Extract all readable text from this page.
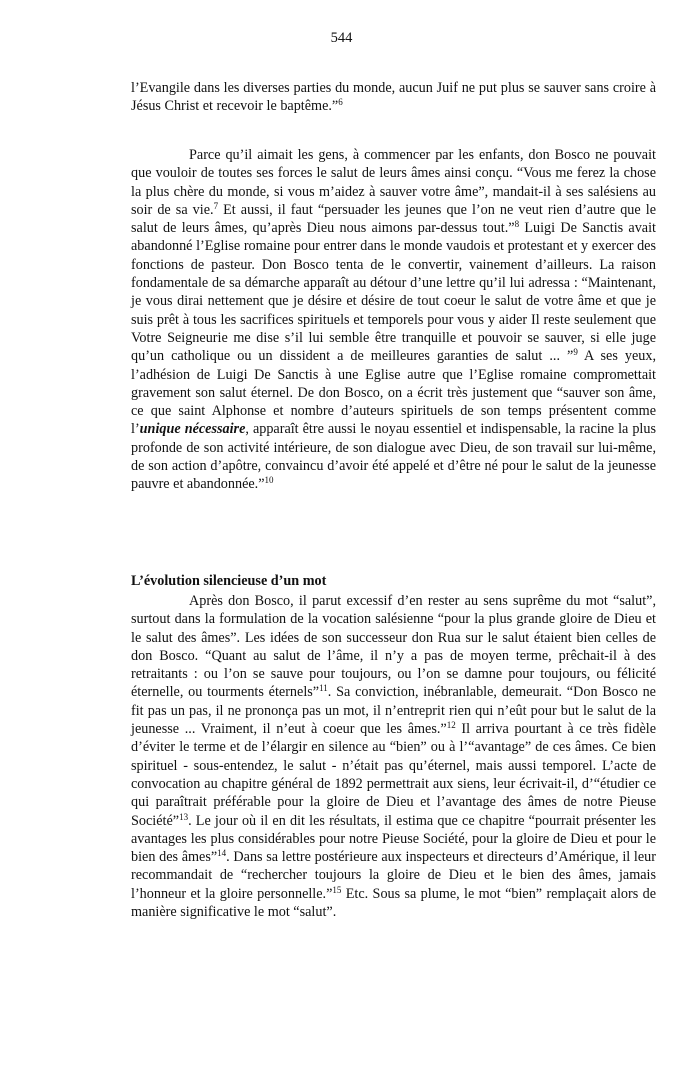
544

l’Evangile dans les diverses parties du monde, aucun Juif ne put plus se sauver sans croire à Jésus Christ et recevoir le baptême.”$^6$

Parce qu’il aimait les gens, à commencer par les enfants, don Bosco ne pouvait que vouloir de toutes ses forces le salut de leurs âmes ainsi conçu. “Vous me ferez la chose la plus chère du monde, si vous m’aidez à sauver votre âme”, mandait-il à ses salésiens au soir de sa vie.$^7$ Et aussi, il faut “persuader les jeunes que l’on ne veut rien d’autre que le salut de leurs âmes, qu’après Dieu nous aimons par-dessus tout.”$^8$ Luigi De Sanctis avait abandonné l’Eglise romaine pour entrer dans le monde vaudois et protestant et y exercer des fonctions de pasteur. Don Bosco tenta de le convertir, vainement d’ailleurs. La raison fondamentale de sa démarche apparaît au détour d’une lettre qu’il lui adressa : “Maintenant, je vous dirai nettement que je désire et désire de tout coeur le salut de votre âme et que je suis prêt à tous les sacrifices spirituels et temporels pour vous y aider Il reste seulement que Votre Seigneurie me dise s’il lui semble être tranquille et pouvoir se sauver, si elle juge qu’un catholique ou un dissident a de meilleures garanties de salut ... ”$^9$ A ses yeux, l’adhésion de Luigi De Sanctis à une Eglise autre que l’Eglise romaine compromettait gravement son salut éternel. De don Bosco, on a écrit très justement que “sauver son âme, ce que saint Alphonse et nombre d’auteurs spirituels de son temps présentent comme l’unique nécessaire, apparaît être aussi le noyau essentiel et indispensable, la racine la plus profonde de son activité intérieure, de son dialogue avec Dieu, de son travail sur lui-même, de son action d’apôtre, convaincu d’avoir été appelé et d’être né pour le salut de la jeunesse pauvre et abandonnée.”$^{10}$

L’évolution silencieuse d’un mot

Après don Bosco, il parut excessif d’en rester au sens suprême du mot “salut”, surtout dans la formulation de la vocation salésienne “pour la plus grande gloire de Dieu et le salut des âmes”. Les idées de son successeur don Rua sur le salut étaient bien celles de don Bosco. “Quant au salut de l’âme, il n’y a pas de moyen terme, prêchait-il à des retraitants : ou l’on se sauve pour toujours, ou l’on se damne pour toujours, ou félicité éternelle, ou tourments éternels”$^{11}$. Sa conviction, inébranlable, demeurait. “Don Bosco ne fit pas un pas, il ne prononça pas un mot, il n’entreprit rien qui n’eût pour but le salut de la jeunesse ... Vraiment, il n’eut à coeur que les âmes.”$^{12}$ Il arriva pourtant à ce très fidèle d’éviter le terme et de l’élargir en silence au “bien” ou à l’“avantage” de ces âmes. Ce bien spirituel - sous-entendez, le salut - n’était pas qu’éternel, mais aussi temporel. L’acte de convocation au chapitre général de 1892 permettrait aux siens, leur écrivait-il, d’“étudier ce qui paraîtrait préférable pour la gloire de Dieu et l’avantage des âmes de notre Pieuse Société”$^{13}$. Le jour où il en dit les résultats, il estima que ce chapitre “pourrait présenter les avantages les plus considérables pour notre Pieuse Société, pour la gloire de Dieu et pour le bien des âmes”$^{14}$. Dans sa lettre postérieure aux inspecteurs et directeurs d’Amérique, il leur recommandait de “rechercher toujours la gloire de Dieu et le bien des âmes, jamais l’honneur et la gloire personnelle.”$^{15}$ Etc. Sous sa plume, le mot “bien” remplaçait alors de manière significative le mot “salut”.
